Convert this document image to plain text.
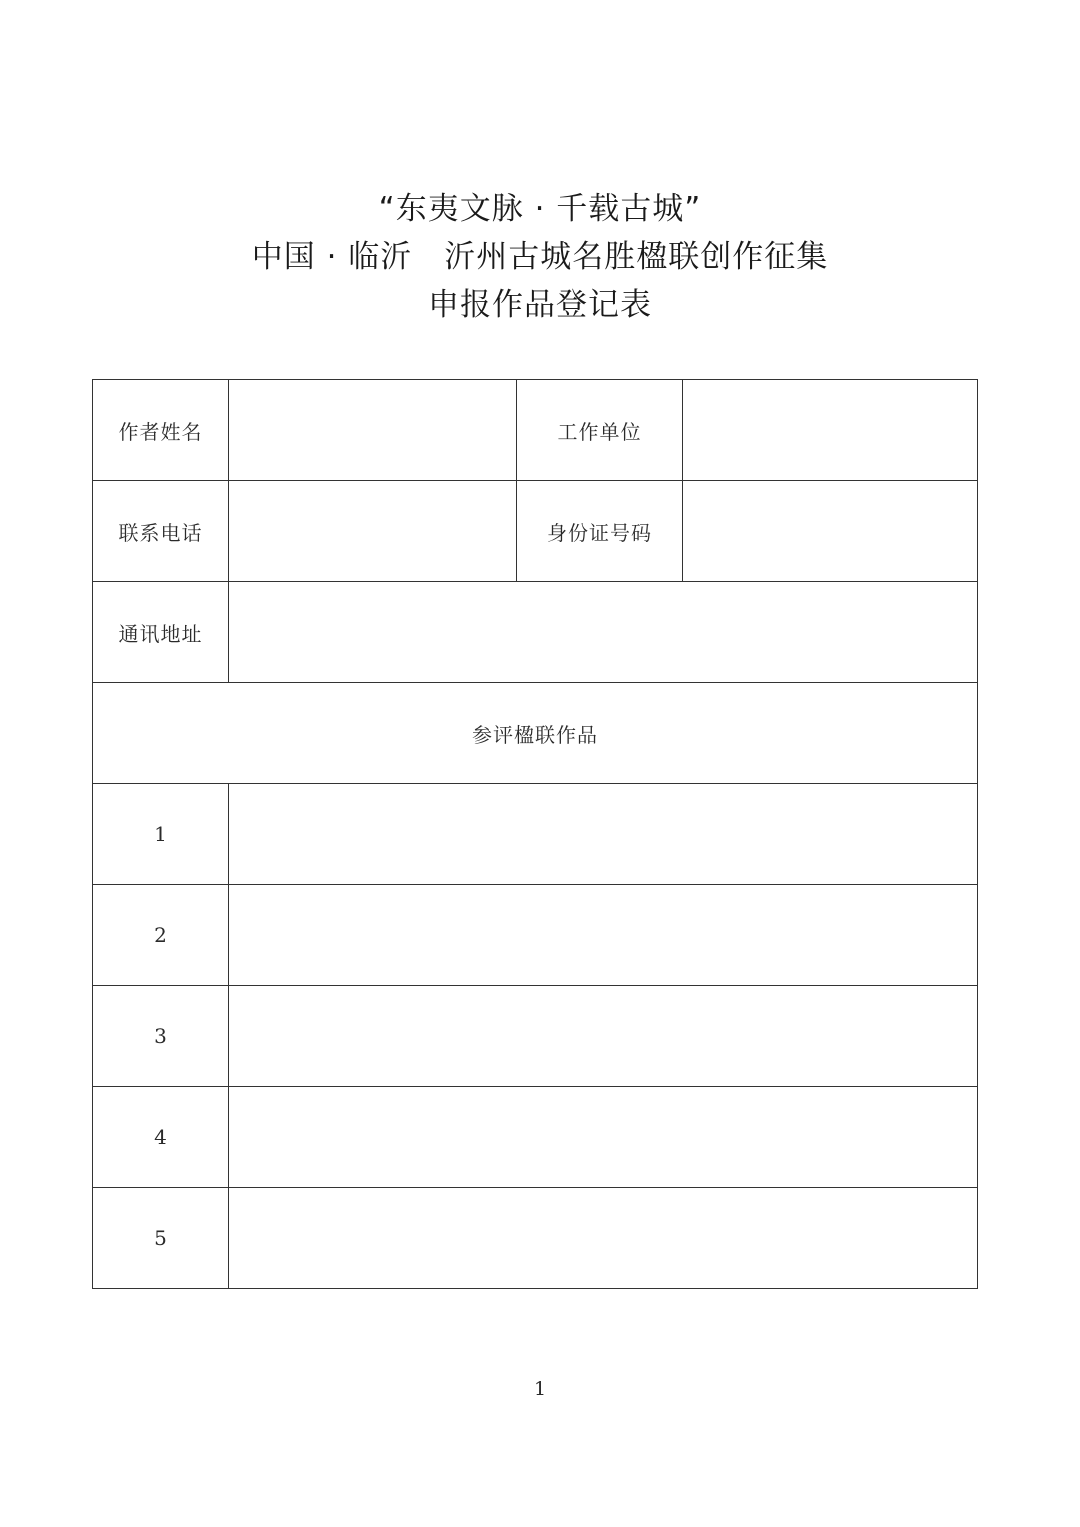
“东夷文脉 · 千载古城”
中国 · 临沂　沂州古城名胜楹联创作征集
申报作品登记表
作者姓名		工作单位	
联系电话		身份证号码	
通讯地址			
参评楹联作品			
1			
2			
3			
4			
5			
1
